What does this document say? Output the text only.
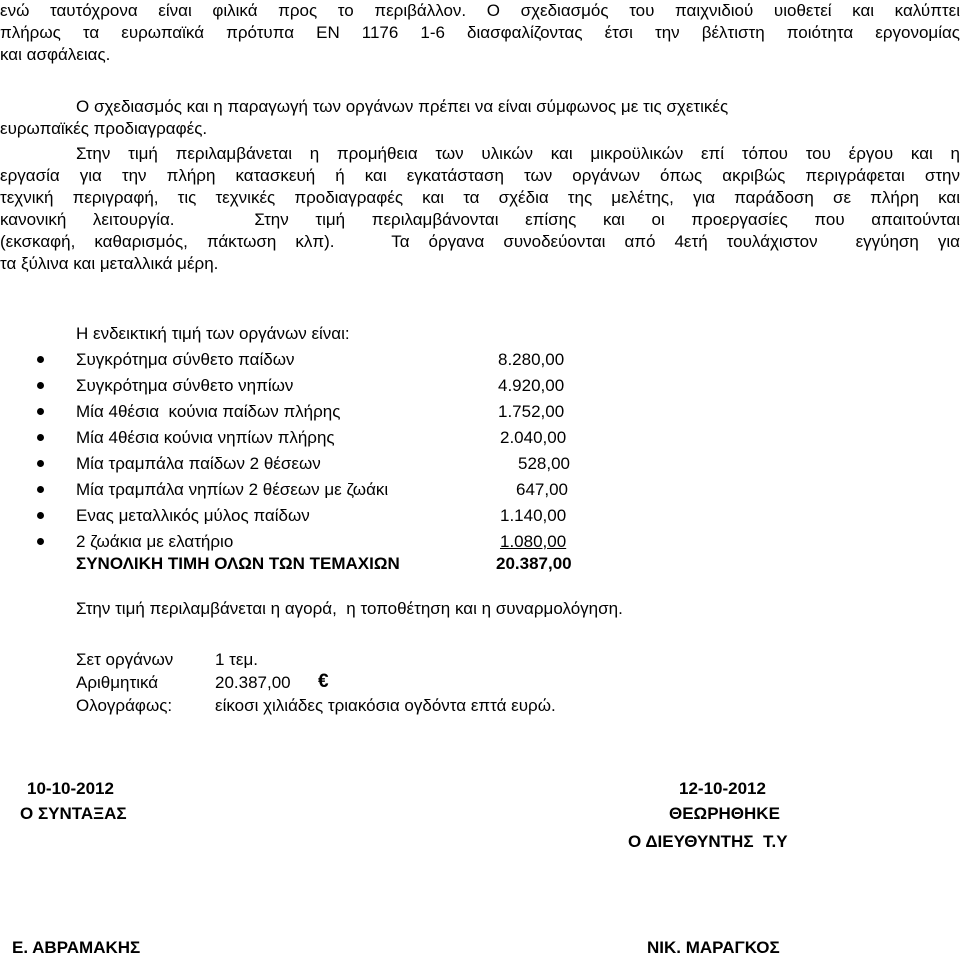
ενώ ταυτόχρονα είναι φιλικά προς το περιβάλλον. Ο σχεδιασμός του παιχνιδιού υιοθετεί και καλύπτει
πλήρως τα ευρωπαϊκά πρότυπα ΕΝ 1176 1-6 διασφαλίζοντας έτσι την βέλτιστη ποιότητα εργονομίας
και ασφάλειας.
Ο σχεδιασμός και η παραγωγή των οργάνων πρέπει να είναι σύμφωνος με τις σχετικές
ευρωπαϊκές προδιαγραφές.
Στην τιμή περιλαμβάνεται η προμήθεια των υλικών και μικροϋλικών επί τόπου του έργου και η
εργασία για την πλήρη κατασκευή ή και εγκατάσταση των οργάνων όπως ακριβώς περιγράφεται στην
τεχνική περιγραφή, τις τεχνικές προδιαγραφές και τα σχέδια της μελέτης, για παράδοση σε πλήρη και
κανονική λειτουργία.   Στην τιμή περιλαμβάνονται επίσης και οι προεργασίες που απαιτούνται
(εκσκαφή, καθαρισμός, πάκτωση κλπ).   Τα όργανα συνοδεύονται από 4ετή τουλάχιστον  εγγύηση για
τα ξύλινα και μεταλλικά μέρη.
Η ενδεικτική τιμή των οργάνων είναι:
Συγκρότημα σύνθετο παίδων	8.280,00
Συγκρότημα σύνθετο νηπίων	4.920,00
Μία 4θέσια  κούνια παίδων πλήρης	1.752,00
Μία 4θέσια κούνια νηπίων πλήρης	2.040,00
Μία τραμπάλα παίδων 2 θέσεων	528,00
Μία τραμπάλα νηπίων 2 θέσεων με ζωάκι	647,00
Ενας μεταλλικός μύλος παίδων	1.140,00
2 ζωάκια με ελατήριο	1.080,00
ΣΥΝΟΛΙΚΗ ΤΙΜΗ ΟΛΩΝ ΤΩΝ ΤΕΜΑΧΙΩΝ	20.387,00
Στην τιμή περιλαμβάνεται η αγορά,  η τοποθέτηση και η συναρμολόγηση.
Σετ οργάνων 1 τεμ.
Αριθμητικά	20.387,00 €
Ολογράφως:	είκοσι χιλιάδες τριακόσια ογδόντα επτά ευρώ.
10-10-2012
Ο ΣΥΝΤΑΞΑΣ
Ε. ΑΒΡΑΜΑΚΗΣ
12-10-2012
ΘΕΩΡΗΘΗΚΕ
Ο ΔΙΕΥΘΥΝΤΗΣ  Τ.Υ
ΝΙΚ. ΜΑΡΑΓΚΟΣ
